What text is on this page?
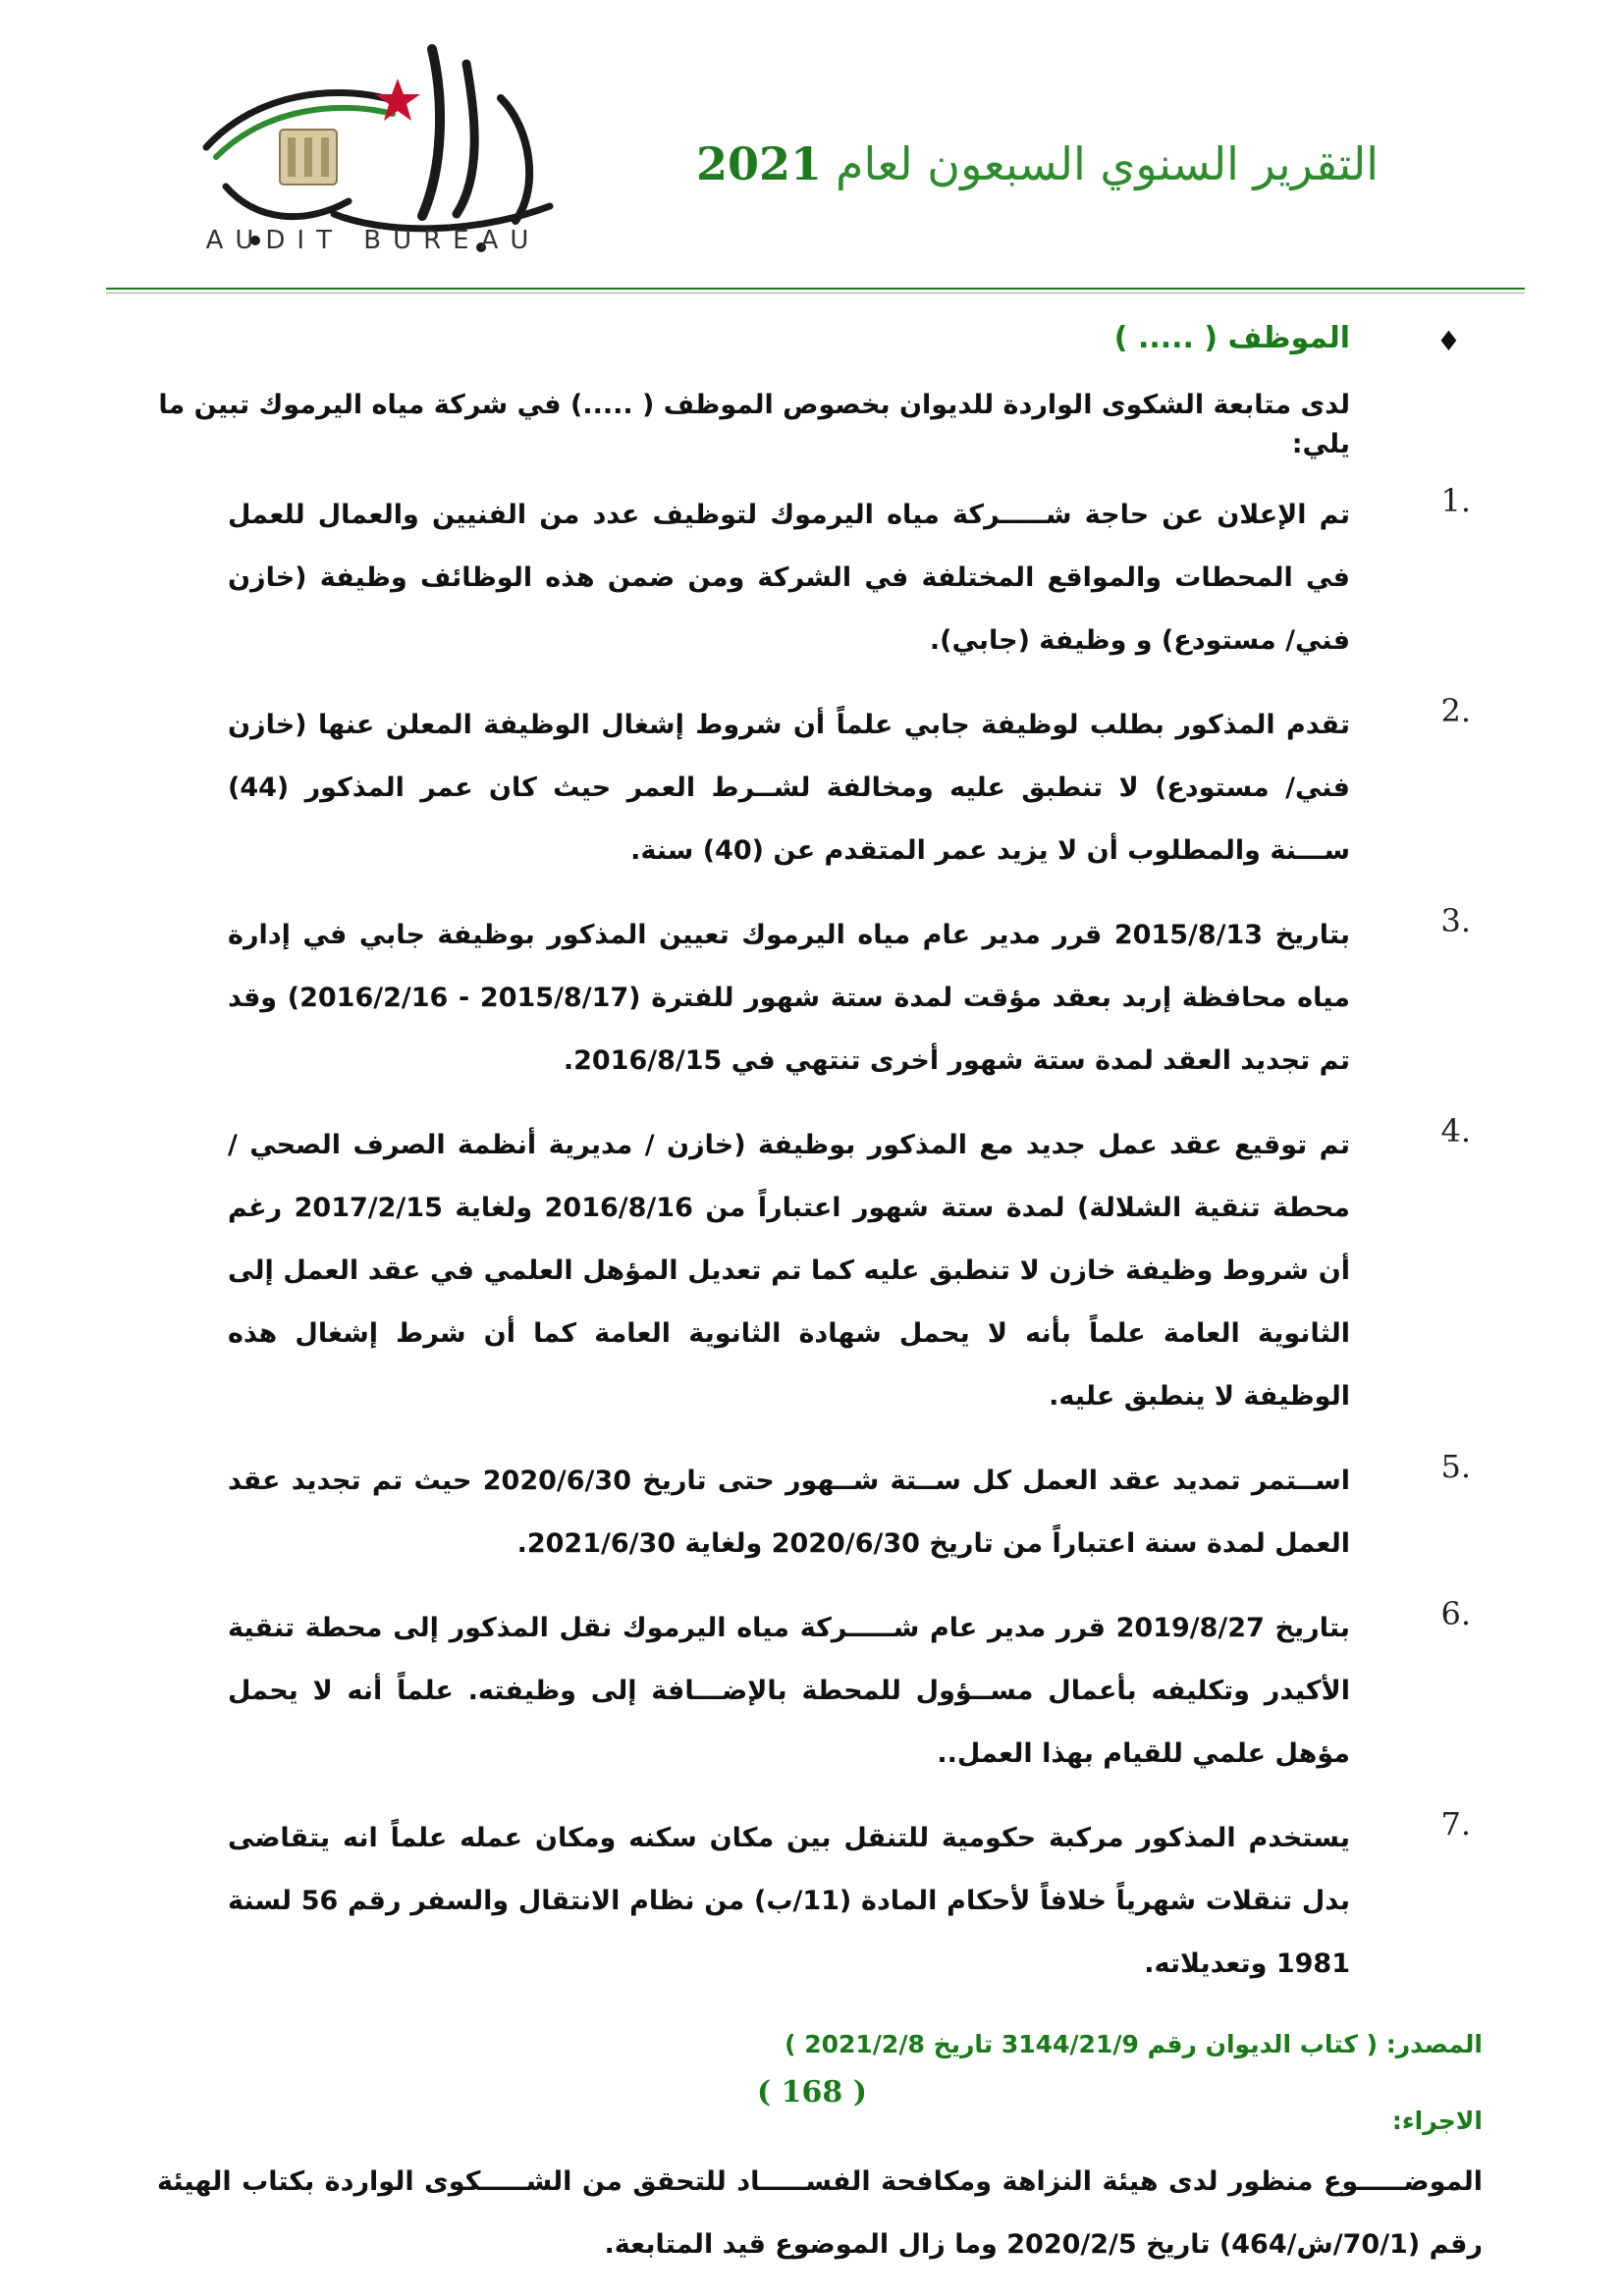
AUDIT BUREAU
التقرير السنوي السبعون لعام2021
♦
الموظف ( ..... )

لدى متابعة الشكوى الواردة للديوان بخصوص الموظف ( .....) في شركة مياه اليرموك تبين ما يلي:

1.
تم الإعلان عن حاجة شـــــركة مياه اليرموك لتوظيف عدد من الفنيين والعمال للعمل في المحطات والمواقع المختلفة في الشركة ومن ضمن هذه الوظائف وظيفة (خازن فني/ مستودع) و وظيفة (جابي).
2.
تقدم المذكور بطلب لوظيفة جابي علماً أن شروط إشغال الوظيفة المعلن عنها (خازن فني/ مستودع) لا تنطبق عليه ومخالفة لشــرط العمر حيث كان عمر المذكور (44) ســـنة والمطلوب أن لا يزيد عمر المتقدم عن (40) سنة.
3.
بتاريخ 2015/8/13 قرر مدير عام مياه اليرموك تعيين المذكور بوظيفة جابي في إدارة مياه محافظة إربد بعقد مؤقت لمدة ستة شهور للفترة (2015/8/17 - 2016/2/16) وقد تم تجديد العقد لمدة ستة شهور أخرى تنتهي في 2016/8/15.
4.
تم توقيع عقد عمل جديد مع المذكور بوظيفة (خازن / مديرية أنظمة الصرف الصحي /محطة تنقية الشلالة) لمدة ستة شهور اعتباراً من 2016/8/16 ولغاية 2017/2/15 رغم أن شروط وظيفة خازن لا تنطبق عليه كما تم تعديل المؤهل العلمي في عقد العمل إلى الثانوية العامة علماً بأنه لا يحمل شهادة الثانوية العامة كما أن شرط إشغال هذه الوظيفة لا ينطبق عليه.
5.
اســتمر تمديد عقد العمل كل ســتة شــهور حتى تاريخ 2020/6/30 حيث تم تجديد عقد العمل لمدة سنة اعتباراً من تاريخ 2020/6/30 ولغاية 2021/6/30.
6.
بتاريخ 2019/8/27 قرر مدير عام شـــــركة مياه اليرموك نقل المذكور إلى محطة تنقية الأكيدر وتكليفه بأعمال مســؤول للمحطة بالإضـــافة إلى وظيفته. علماً أنه لا يحمل مؤهل علمي للقيام بهذا العمل..
7.
يستخدم المذكور مركبة حكومية للتنقل بين مكان سكنه ومكان عمله علماً انه يتقاضى بدل تنقلات شهرياً خلافاً لأحكام المادة (11/ب) من نظام الانتقال والسفر رقم 56 لسنة 1981 وتعديلاته.
المصدر: ( كتاب الديوان رقم 3144/21/9 تاريخ 2021/2/8 )
الاجراء:
الموضـــــوع منظور لدى هيئة النزاهة ومكافحة الفســـــاد للتحقق من الشـــــكوى الواردة بكتاب الهيئة رقم (70/1/ش/464) تاريخ 2020/2/5 وما زال الموضوع قيد المتابعة.
( 168 )
